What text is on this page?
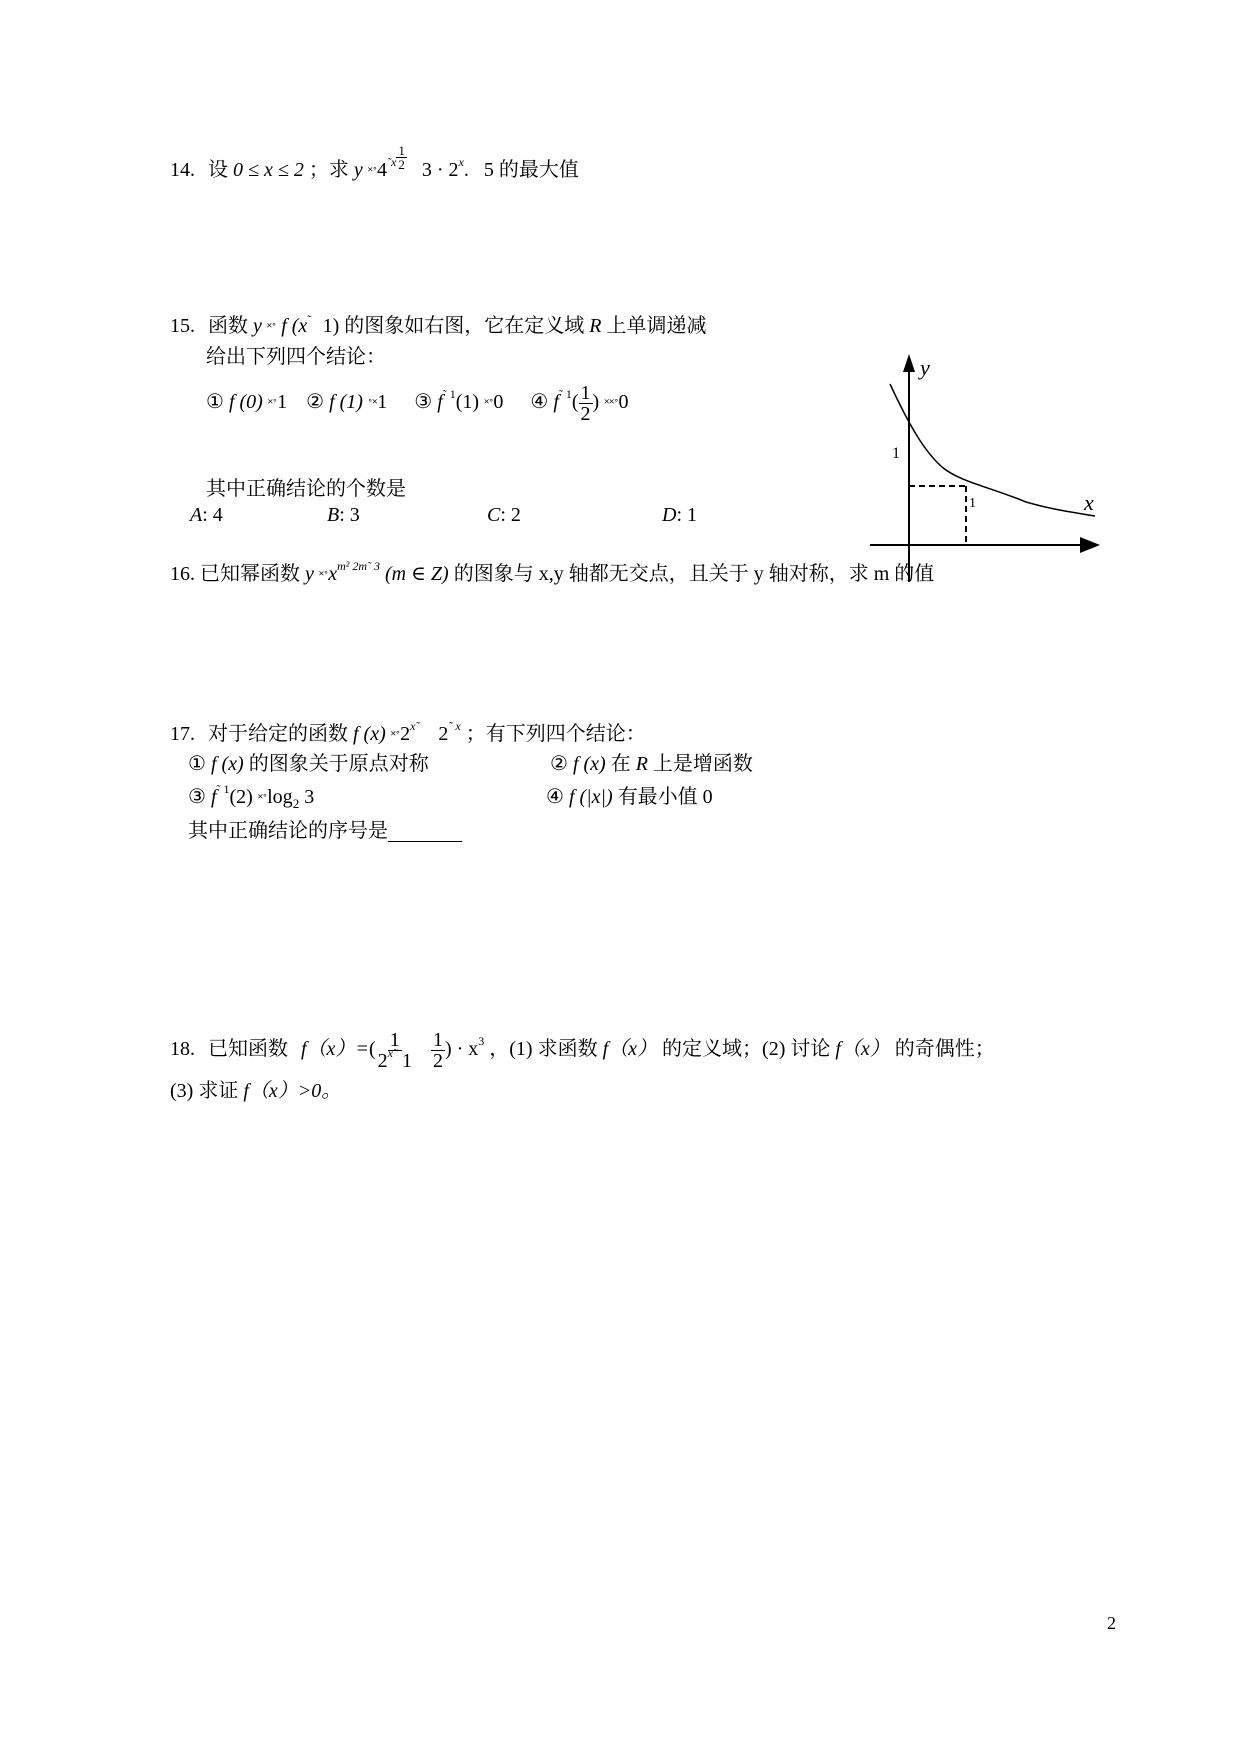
14. 设 0 ≤ x ≤ 2 ；求 y $˟˚4^{˜x} \frac{1}{2} 3 \cdot 2^x$. 5 的最大值
15. 函数 y ˟˚ f (x˜ 1) 的图象如右图，它在定义域 R 上单调递减
给出下列四个结论：
① f (0) ˟˚1 ② f (1) ˚˟1 ③ $f^{˜ 1}(1)$ ˟˚0 ④ $f^{˜ 1}( \frac{1}{2}$ ) ˟˟˚0
其中正确结论的个数是
A: 4	B: 3	C: 2	D: 1
y
x
1
1
16. 已知幂函数 y $˟˚x^{m^2 2m˜ 3}$ (m ∈ Z) 的图象与 x,y 轴都无交点，且关于 y 轴对称，求 m 的值
17. 对于给定的函数 f (x) $˟˚2^{x˜}$ $2^{˜ x}$ ；有下列四个结论：
① f (x) 的图象关于原点对称	② f (x) 在 R 上是增函数
③ $f^{˜ 1}(2)$ $˟˚\log_2$ 3	④ f (|x|) 有最小值 0
其中正确结论的序号是
18. 已知函数 $f(x)=( \frac{1}{2^{x˜} 1}$
$\frac{1}{2}$ ) · $x^3$ ，(1) 求函数 f（x） 的定义域；(2) 讨论 f（x） 的奇偶性；
(3) 求证 f（x）>0。
2
